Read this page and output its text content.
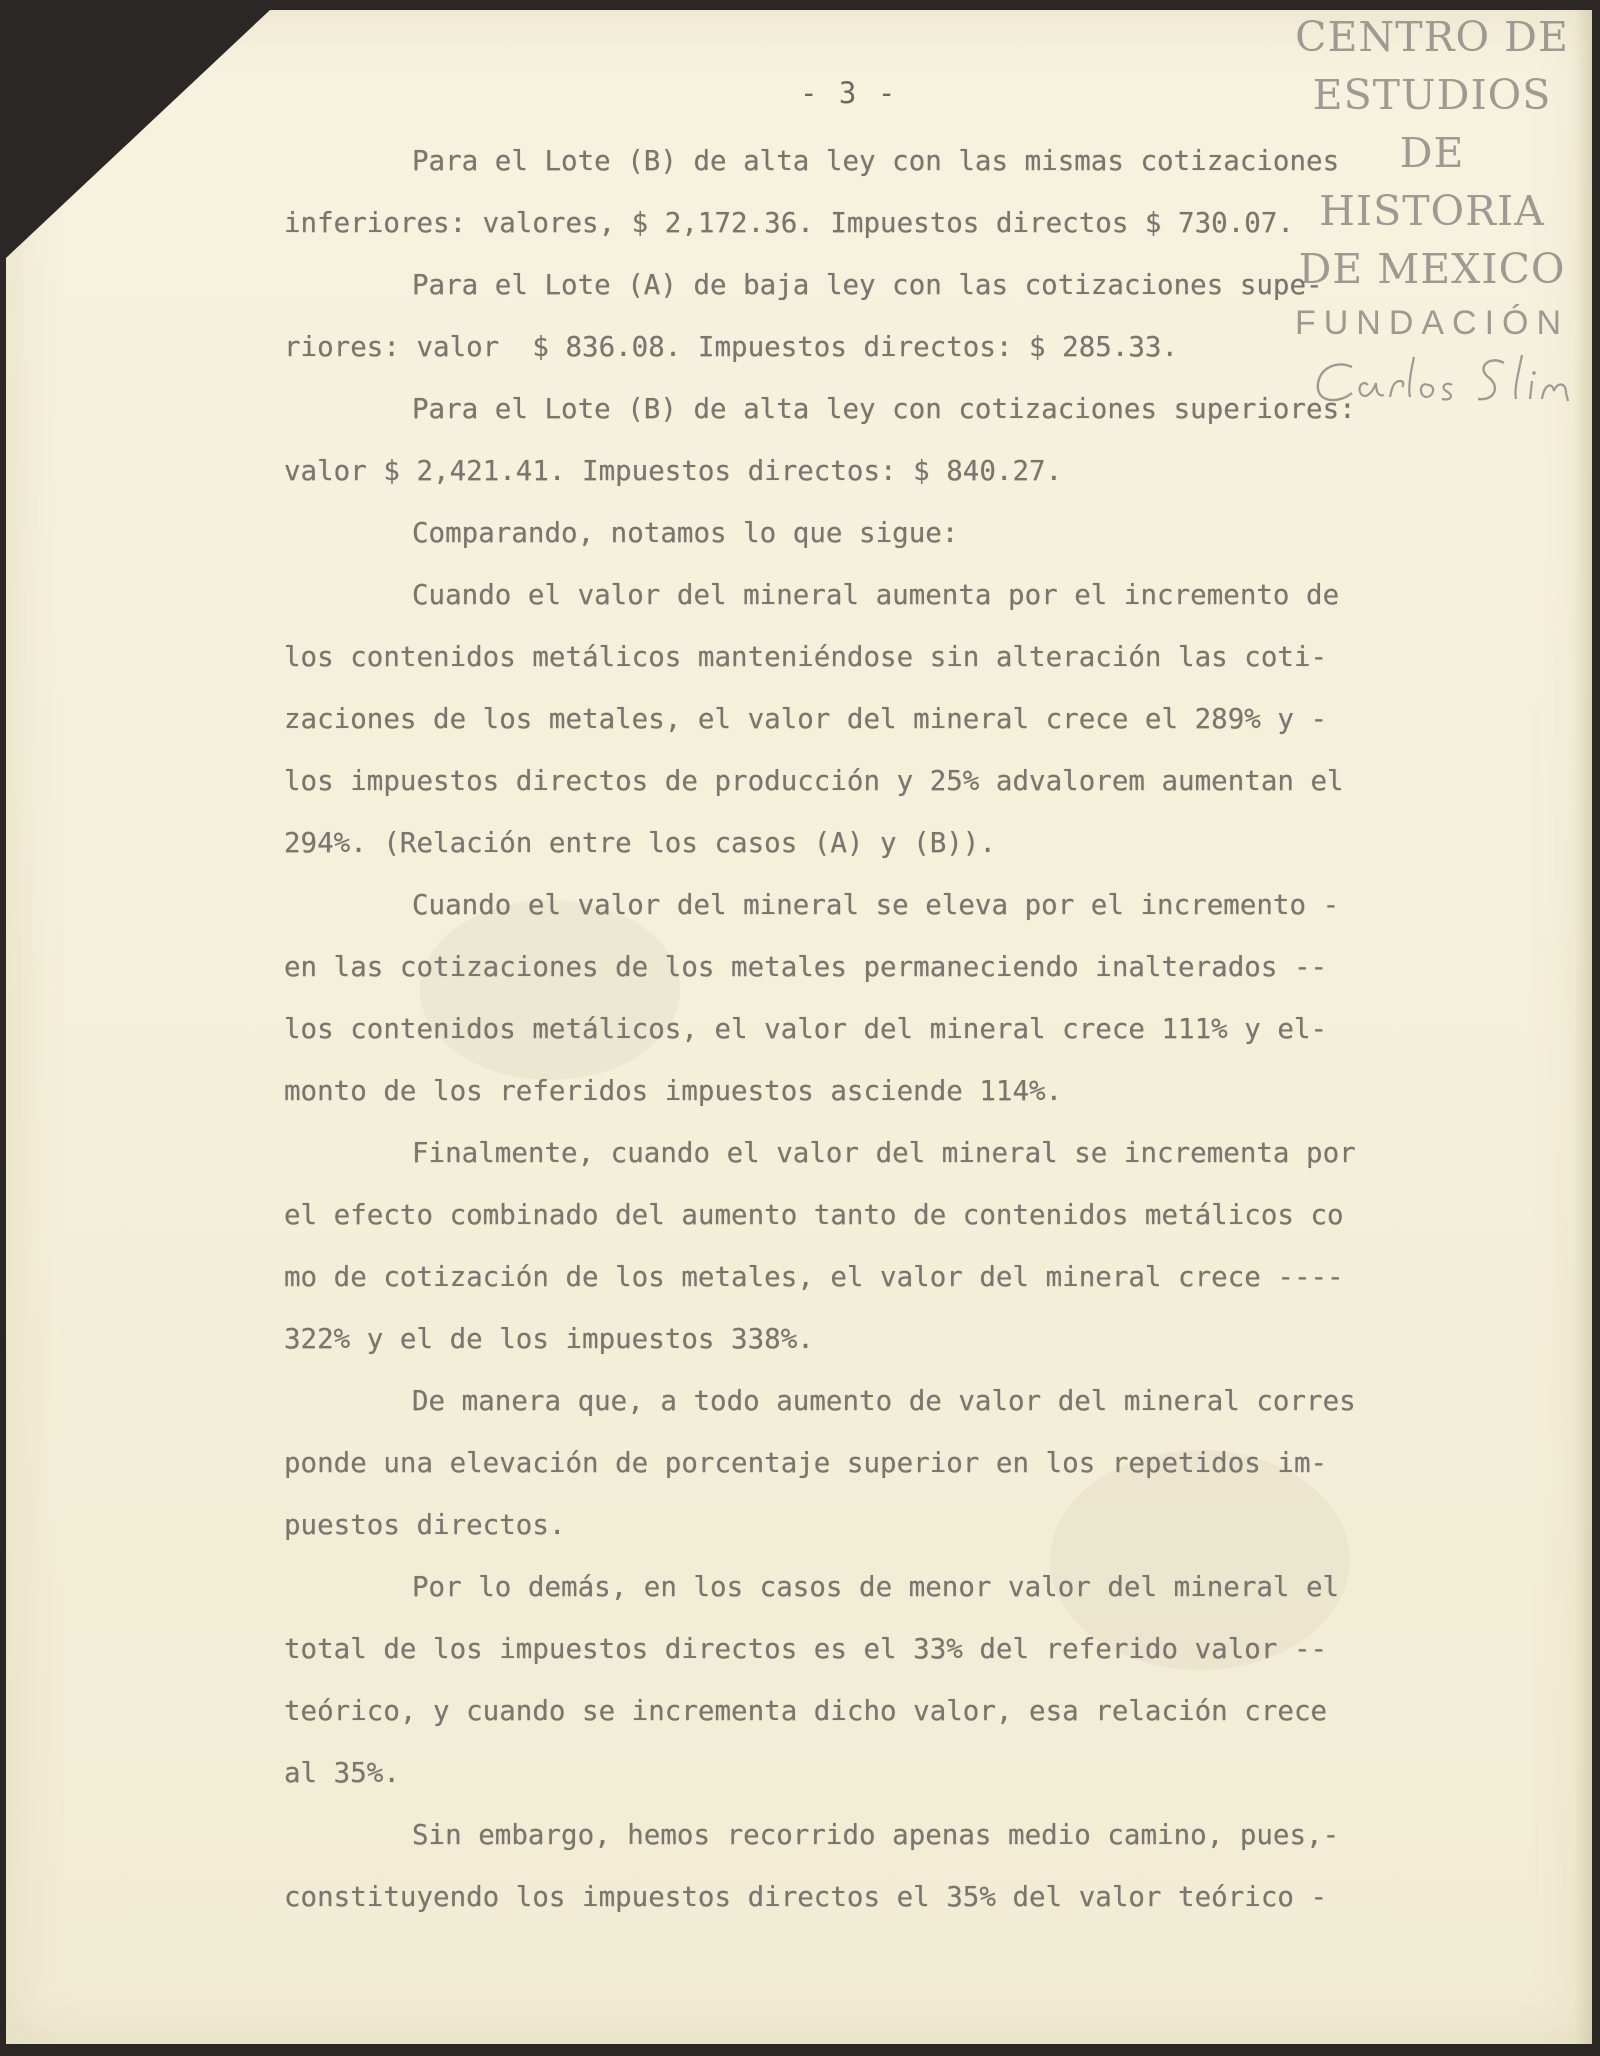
- 3 -

CENTRO DE
ESTUDIOS
DE HISTORIA
DE MEXICO
FUNDACIÓN
Para el Lote (B) de alta ley con las mismas cotizaciones
inferiores: valores, $ 2,172.36. Impuestos directos $ 730.07.
Para el Lote (A) de baja ley con las cotizaciones supe-
riores: valor  $ 836.08. Impuestos directos: $ 285.33.
Para el Lote (B) de alta ley con cotizaciones superiores:
valor $ 2,421.41. Impuestos directos: $ 840.27.
Comparando, notamos lo que sigue:
Cuando el valor del mineral aumenta por el incremento de
los contenidos metálicos manteniéndose sin alteración las coti-
zaciones de los metales, el valor del mineral crece el 289% y -
los impuestos directos de producción y 25% advalorem aumentan el
294%. (Relación entre los casos (A) y (B)).
Cuando el valor del mineral se eleva por el incremento -
en las cotizaciones de los metales permaneciendo inalterados --
los contenidos metálicos, el valor del mineral crece 111% y el-
monto de los referidos impuestos asciende 114%.
Finalmente, cuando el valor del mineral se incrementa por
el efecto combinado del aumento tanto de contenidos metálicos co
mo de cotización de los metales, el valor del mineral crece ----
322% y el de los impuestos 338%.
De manera que, a todo aumento de valor del mineral corres
ponde una elevación de porcentaje superior en los repetidos im-
puestos directos.
Por lo demás, en los casos de menor valor del mineral el
total de los impuestos directos es el 33% del referido valor --
teórico, y cuando se incrementa dicho valor, esa relación crece
al 35%.
Sin embargo, hemos recorrido apenas medio camino, pues,-
constituyendo los impuestos directos el 35% del valor teórico -
